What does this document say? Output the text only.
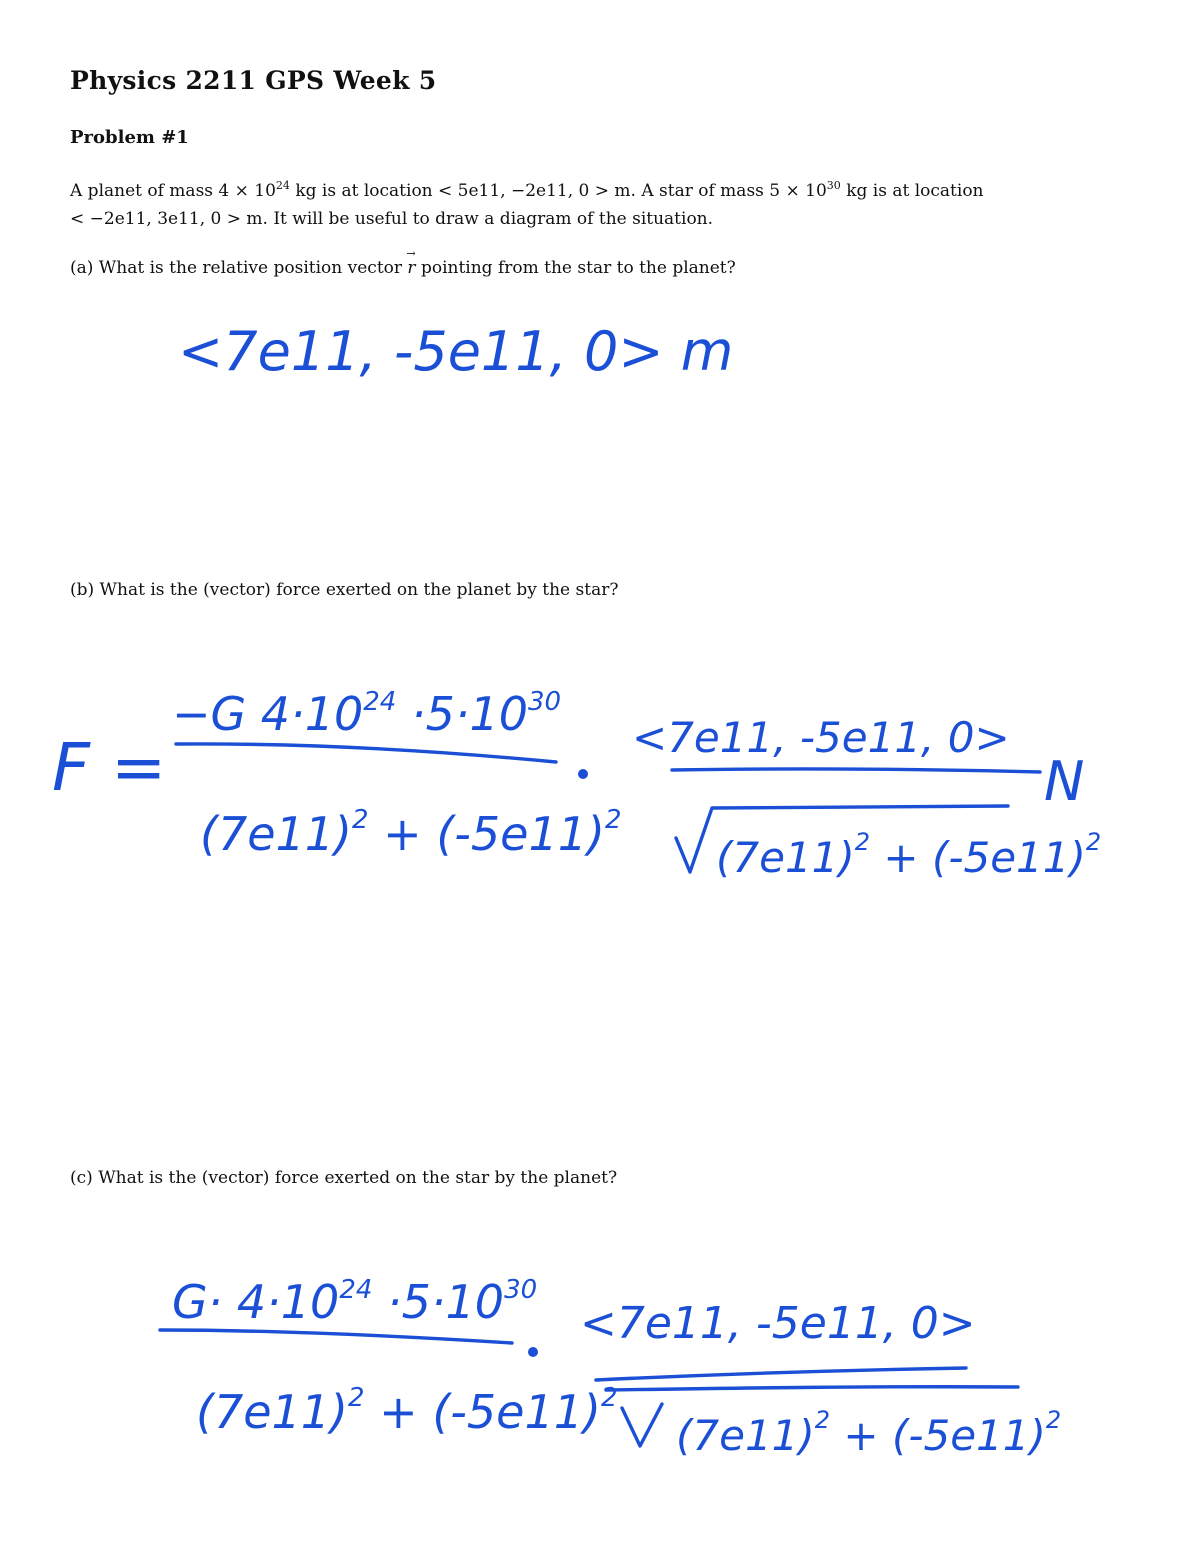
Physics 2211 GPS Week 5
Problem #1
A planet of mass $4 \times 10^{24}$ kg is at location < 5e11, −2e11, 0 > m. A star of mass $5 \times 10^{30}$ kg is at location
< −2e11, 3e11, 0 > m. It will be useful to draw a diagram of the situation.
(a) What is the relative position vector → r pointing from the star to the planet?
(b) What is the (vector) force exerted on the planet by the star?
(c) What is the (vector) force exerted on the star by the planet?
<7e11, -5e11, 0> m
F =
−G $4\cdot 10^{24} \cdot 5\cdot 10^{30}$
$(7e11)^2 + (-5e11)^2$
<7e11, -5e11, 0>
$(7e11)^2 + (-5e11)^2$
N
$G\cdot 4\cdot 10^{24} \cdot 5\cdot 10^{30}$
$(7e11)^2 + (-5e11)^2$
<7e11, -5e11, 0>
$(7e11)^2 + (-5e11)^2$
